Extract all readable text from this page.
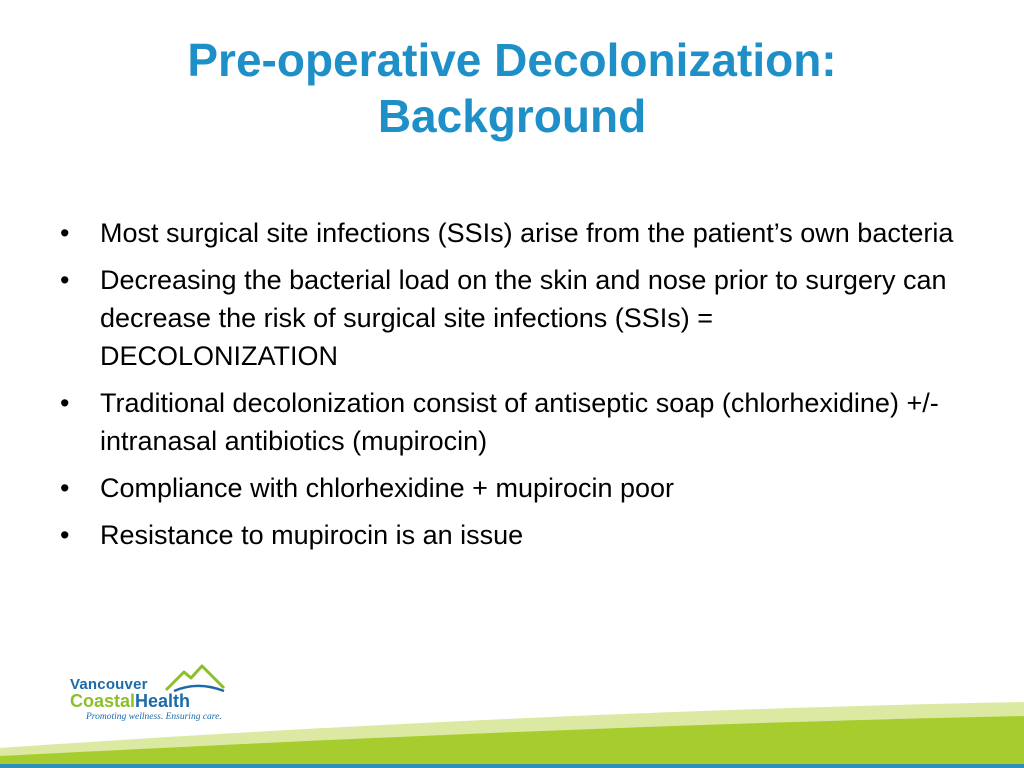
Pre-operative Decolonization:
Background
• Most surgical site infections (SSIs) arise from the patient’s own bacteria
• Decreasing the bacterial load on the skin and nose prior to surgery can decrease the risk of surgical site infections (SSIs) = DECOLONIZATION
• Traditional decolonization consist of antiseptic soap (chlorhexidine) +/- intranasal antibiotics (mupirocin)
• Compliance with chlorhexidine + mupirocin poor
• Resistance to mupirocin is an issue
Vancouver
CoastalHealth
Promoting wellness. Ensuring care.
